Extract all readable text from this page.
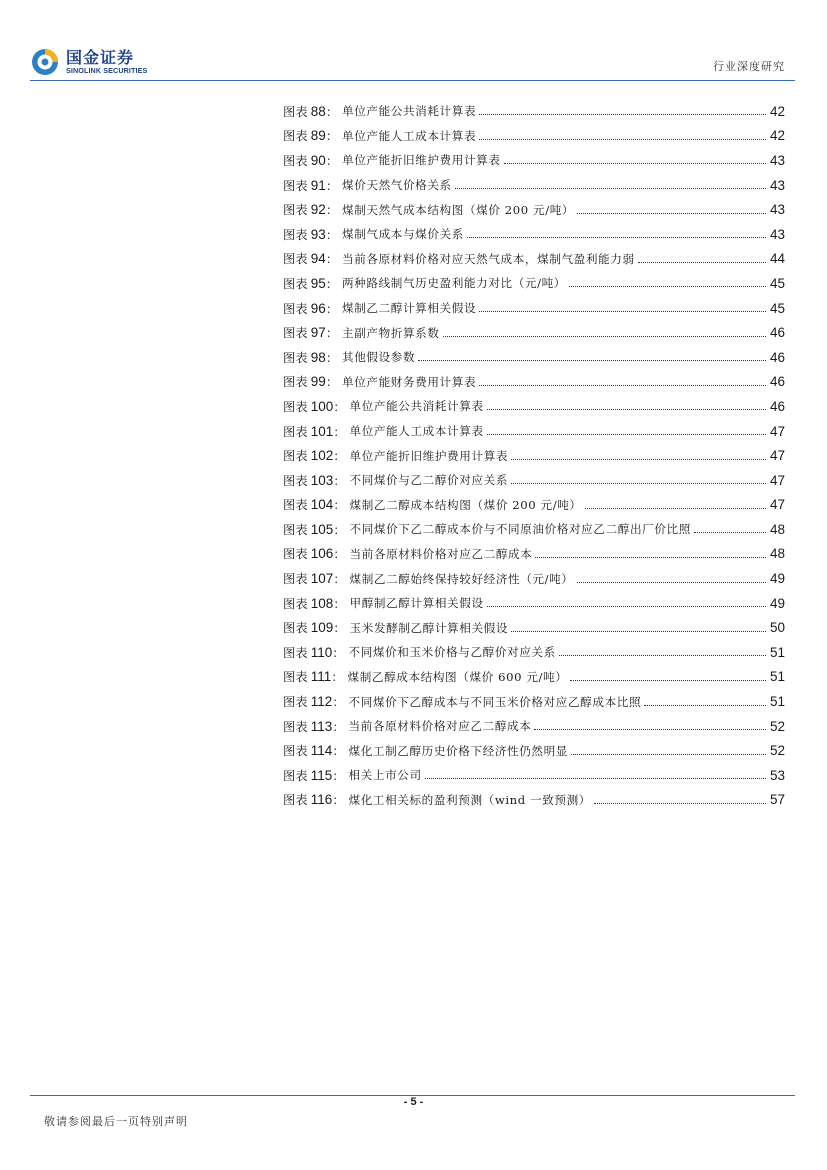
国金证券
SINOLINK SECURITIES	行业深度研究
图表 88 ： 单位产能公共消耗计算表	42
图表 89 ： 单位产能人工成本计算表	42
图表 90 ： 单位产能折旧维护费用计算表	43
图表 91 ： 煤价天然气价格关系	43
图表 92 ： 煤制天然气成本结构图（煤价 200 元/吨）	43
图表 93 ： 煤制气成本与煤价关系	43
图表 94 ： 当前各原材料价格对应天然气成本，煤制气盈利能力弱	44
图表 95 ： 两种路线制气历史盈利能力对比（元/吨）	45
图表 96 ： 煤制乙二醇计算相关假设	45
图表 97 ： 主副产物折算系数	46
图表 98 ： 其他假设参数	46
图表 99 ： 单位产能财务费用计算表	46
图表 100 ： 单位产能公共消耗计算表	46
图表 101 ： 单位产能人工成本计算表	47
图表 102 ： 单位产能折旧维护费用计算表	47
图表 103 ： 不同煤价与乙二醇价对应关系	47
图表 104 ： 煤制乙二醇成本结构图（煤价 200 元/吨）	47
图表 105 ： 不同煤价下乙二醇成本价与不同原油价格对应乙二醇出厂价比照	48
图表 106 ： 当前各原材料价格对应乙二醇成本	48
图表 107 ： 煤制乙二醇始终保持较好经济性（元/吨）	49
图表 108 ： 甲醇制乙醇计算相关假设	49
图表 109 ： 玉米发酵制乙醇计算相关假设	50
图表 110 ： 不同煤价和玉米价格与乙醇价对应关系	51
图表 111 ： 煤制乙醇成本结构图（煤价 600 元/吨）	51
图表 112 ： 不同煤价下乙醇成本与不同玉米价格对应乙醇成本比照	51
图表 113 ： 当前各原材料价格对应乙二醇成本	52
图表 114 ： 煤化工制乙醇历史价格下经济性仍然明显	52
图表 115 ： 相关上市公司	53
图表 116 ： 煤化工相关标的盈利预测（wind 一致预测）	57
- 5 -
敬请参阅最后一页特别声明
